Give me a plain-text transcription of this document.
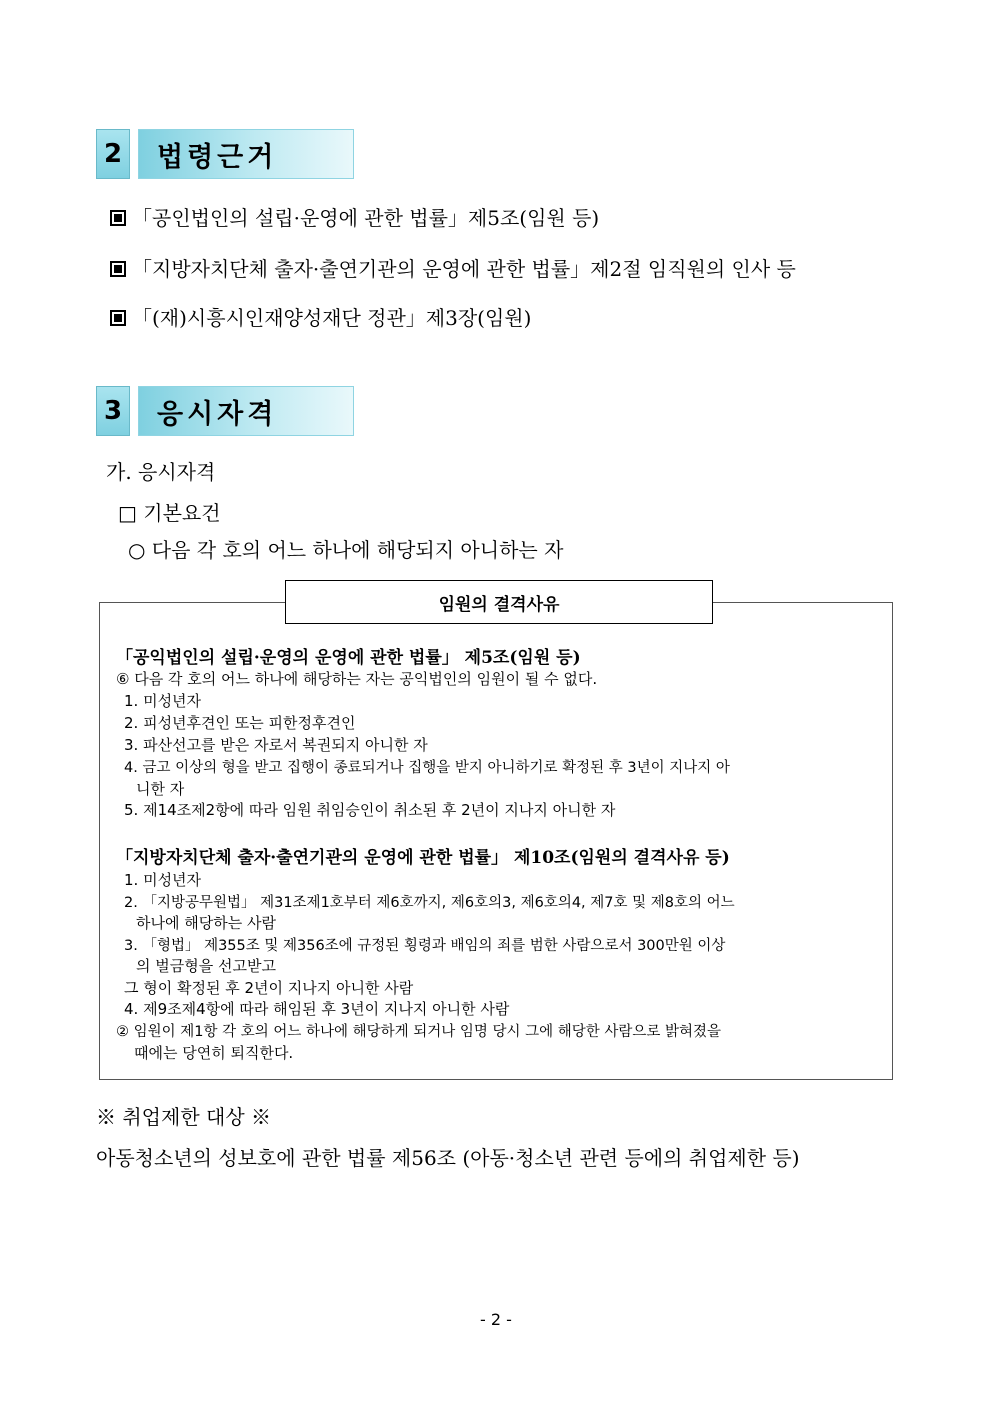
2	법령근거
「공인법인의 설립·운영에 관한 법률」제5조(임원 등)
「지방자치단체 출자·출연기관의 운영에 관한 법률」제2절 임직원의 인사 등
「(재)시흥시인재양성재단 정관」제3장(임원)
3	응시자격
가. 응시자격
□ 기본요건
○ 다음 각 호의 어느 하나에 해당되지 아니하는 자
임원의 결격사유
「공익법인의 설립·운영의 운영에 관한 법률」 제5조(임원 등)
⑥ 다음 각 호의 어느 하나에 해당하는 자는 공익법인의 임원이 될 수 없다.
1. 미성년자
2. 피성년후견인 또는 피한정후견인
3. 파산선고를 받은 자로서 복권되지 아니한 자
4. 금고 이상의 형을 받고 집행이 종료되거나 집행을 받지 아니하기로 확정된 후 3년이 지나지 아
니한 자
5. 제14조제2항에 따라 임원 취임승인이 취소된 후 2년이 지나지 아니한 자
「지방자치단체 출자·출연기관의 운영에 관한 법률」 제10조(임원의 결격사유 등)
1. 미성년자
2. 「지방공무원법」 제31조제1호부터 제6호까지, 제6호의3, 제6호의4, 제7호 및 제8호의 어느
하나에 해당하는 사람
3. 「형법」 제355조 및 제356조에 규정된 횡령과 배임의 죄를 범한 사람으로서 300만원 이상
의 벌금형을 선고받고
그 형이 확정된 후 2년이 지나지 아니한 사람
4. 제9조제4항에 따라 해임된 후 3년이 지나지 아니한 사람
② 임원이 제1항 각 호의 어느 하나에 해당하게 되거나 임명 당시 그에 해당한 사람으로 밝혀졌을
때에는 당연히 퇴직한다.
※ 취업제한 대상 ※
아동청소년의 성보호에 관한 법률 제56조 (아동·청소년 관련 등에의 취업제한 등)
- 2 -
